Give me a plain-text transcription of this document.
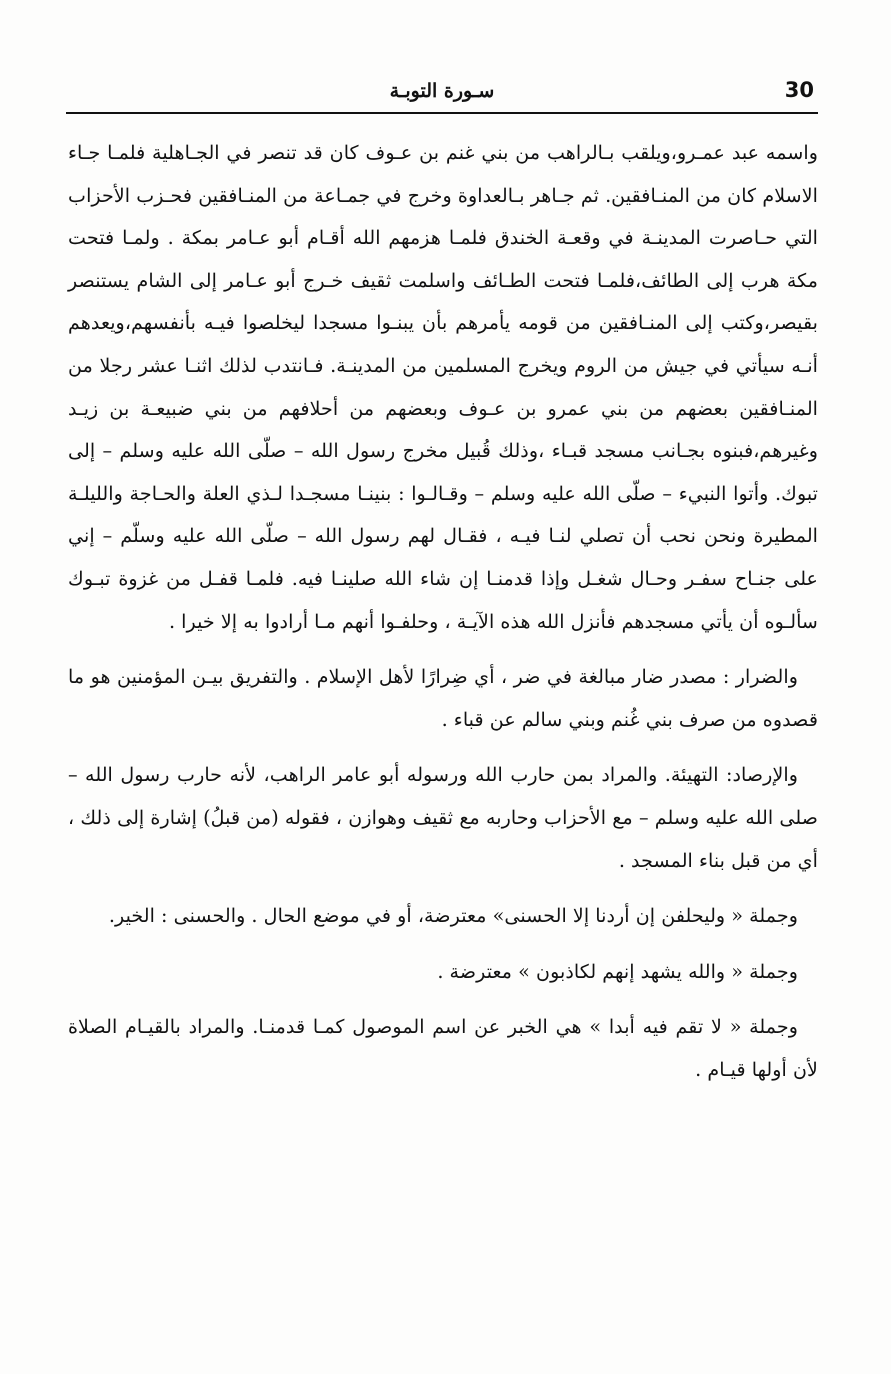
30
سـورة التوبـة

واسمه عبد عمـرو،ويلقب بـالراهب من بني غنم بن عـوف كان قد تنصر في الجـاهلية فلمـا جـاء الاسلام كان من المنـافقين. ثم جـاهر بـالعداوة وخرج في جمـاعة من المنـافقين فحـزب الأحزاب التي حـاصرت المدينـة في وقعـة الخندق فلمـا هزمهم الله أقـام أبو عـامر بمكة . ولمـا فتحت مكة هرب إلى الطائف،فلمـا فتحت الطـائف واسلمت ثقيف خـرج أبو عـامر إلى الشام يستنصر بقيصر،وكتب إلى المنـافقين من قومه يأمرهم بأن يبنـوا مسجدا ليخلصوا فيـه بأنفسهم،ويعدهم أنـه سيأتي في جيش من الروم ويخرج المسلمين من المدينـة. فـانتدب لذلك اثنـا عشر رجلا من المنـافقين بعضهم من بني عمرو بن عـوف وبعضهم من أحلافهم من بني ضبيعـة بن زيـد وغيرهم،فبنوه بجـانب مسجد قبـاء ،وذلك قُبيل مخرج رسول الله – صلّى الله عليه وسلم – إلى تبوك. وأتوا النبيء – صلّى الله عليه وسلم – وقـالـوا : بنينـا مسجـدا لـذي العلة والحـاجة والليلـة المطيرة ونحن نحب أن تصلي لنـا فيـه ، فقـال لهم رسول الله – صلّى الله عليه وسلّم – إني على جنـاح سفـر وحـال شغـل وإذا قدمنـا إن شاء الله صلينـا فيه. فلمـا قفـل من غزوة تبـوك سألـوه أن يأتي مسجدهم فأنزل الله هذه الآيـة ، وحلفـوا أنهم مـا أرادوا به إلا خيرا .

والضرار : مصدر ضار مبالغة في ضر ، أي ضِرارًا لأهل الإسلام . والتفريق بيـن المؤمنين هو ما قصدوه من صرف بني غُنم وبني سالم عن قباء .

والإرصاد: التهيئة. والمراد بمن حارب الله ورسوله أبو عامر الراهب، لأنه حارب رسول الله – صلى الله عليه وسلم – مع الأحزاب وحاربه مع ثقيف وهوازن ، فقوله (من قبلُ) إشارة إلى ذلك ، أي من قبل بناء المسجد .

وجملة « وليحلفن إن أردنا إلا الحسنى» معترضة، أو في موضع الحال . والحسنى : الخير.

وجملة « والله يشهد إنهم لكاذبون » معترضة .

وجملة « لا تقم فيه أبدا » هي الخبر عن اسم الموصول كمـا قدمنـا. والمراد بالقيـام الصلاة لأن أولها قيـام .
